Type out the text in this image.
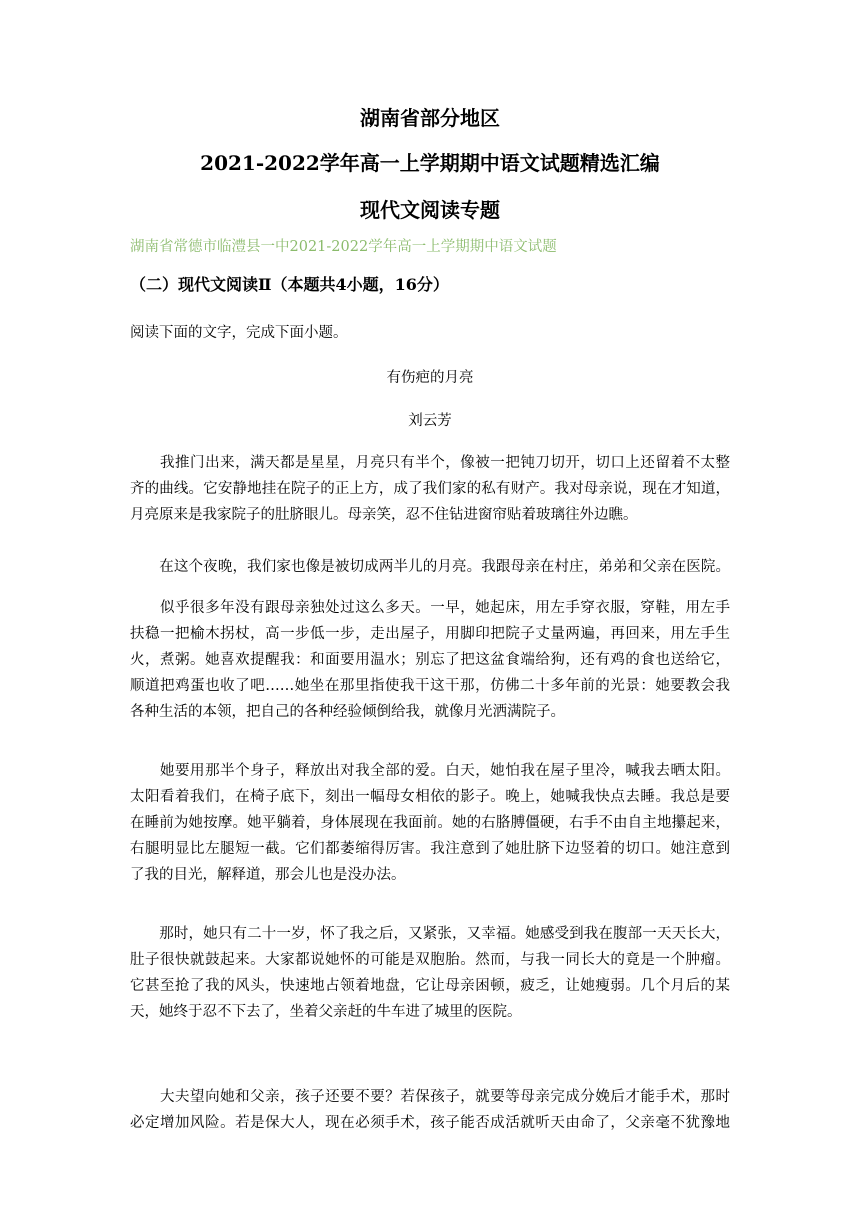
湖南省部分地区
2021-2022学年高一上学期期中语文试题精选汇编
现代文阅读专题
湖南省常德市临澧县一中2021-2022学年高一上学期期中语文试题
（二）现代文阅读Ⅱ（本题共4小题，16分）
阅读下面的文字，完成下面小题。
有伤疤的月亮
刘云芳
　　我推门出来，满天都是星星，月亮只有半个，像被一把钝刀切开，切口上还留着不太整
齐的曲线。它安静地挂在院子的正上方，成了我们家的私有财产。我对母亲说，现在才知道，
月亮原来是我家院子的肚脐眼儿。母亲笑，忍不住钻进窗帘贴着玻璃往外边瞧。
　　在这个夜晚，我们家也像是被切成两半儿的月亮。我跟母亲在村庄，弟弟和父亲在医院。
　　似乎很多年没有跟母亲独处过这么多天。一早，她起床，用左手穿衣服，穿鞋，用左手
扶稳一把榆木拐杖，高一步低一步，走出屋子，用脚印把院子丈量两遍，再回来，用左手生
火，煮粥。她喜欢提醒我：和面要用温水；别忘了把这盆食端给狗，还有鸡的食也送给它，
顺道把鸡蛋也收了吧……她坐在那里指使我干这干那，仿佛二十多年前的光景：她要教会我
各种生活的本领，把自己的各种经验倾倒给我，就像月光洒满院子。
　　她要用那半个身子，释放出对我全部的爱。白天，她怕我在屋子里冷，喊我去晒太阳。
太阳看着我们，在椅子底下，刻出一幅母女相依的影子。晚上，她喊我快点去睡。我总是要
在睡前为她按摩。她平躺着，身体展现在我面前。她的右胳膊僵硬，右手不由自主地攥起来，
右腿明显比左腿短一截。它们都萎缩得厉害。我注意到了她肚脐下边竖着的切口。她注意到
了我的目光，解释道，那会儿也是没办法。
　　那时，她只有二十一岁，怀了我之后，又紧张，又幸福。她感受到我在腹部一天天长大，
肚子很快就鼓起来。大家都说她怀的可能是双胞胎。然而，与我一同长大的竟是一个肿瘤。
它甚至抢了我的风头，快速地占领着地盘，它让母亲困顿，疲乏，让她瘦弱。几个月后的某
天，她终于忍不下去了，坐着父亲赶的牛车进了城里的医院。
　　大夫望向她和父亲，孩子还要不要？若保孩子，就要等母亲完成分娩后才能手术，那时
必定增加风险。若是保大人，现在必须手术，孩子能否成活就听天由命了，父亲毫不犹豫地
